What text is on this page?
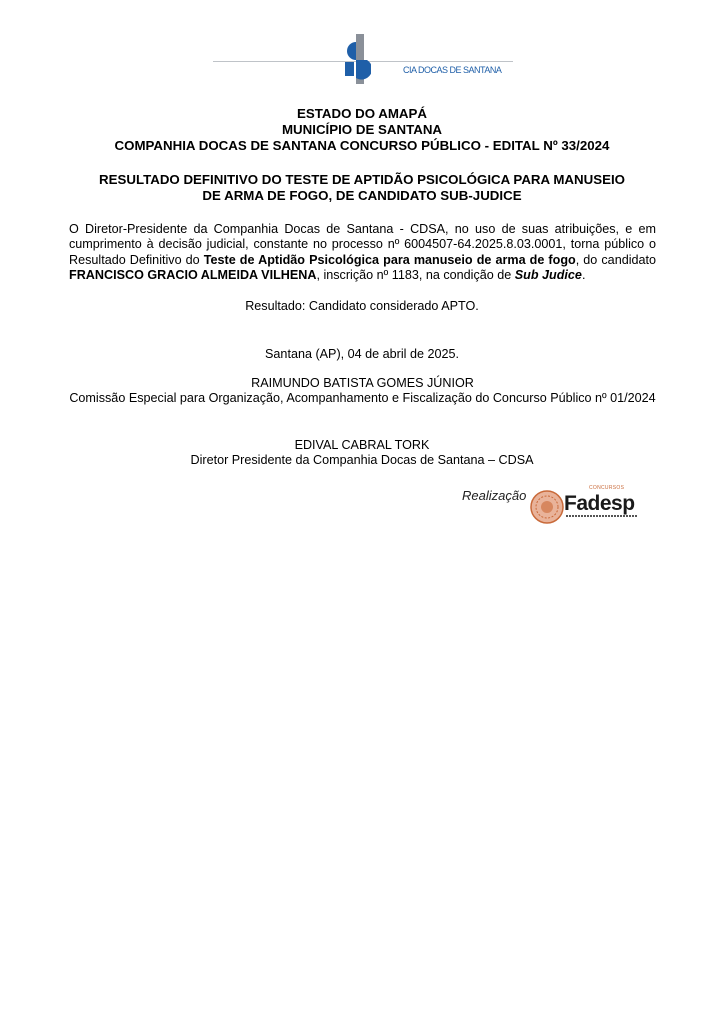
CIA DOCAS DE SANTANA
ESTADO DO AMAPÁ
MUNICÍPIO DE SANTANA
COMPANHIA DOCAS DE SANTANA CONCURSO PÚBLICO - EDITAL Nº 33/2024
RESULTADO DEFINITIVO DO TESTE DE APTIDÃO PSICOLÓGICA PARA MANUSEIO
DE ARMA DE FOGO, DE CANDIDATO SUB-JUDICE
O Diretor-Presidente da Companhia Docas de Santana - CDSA, no uso de suas atribuições, e em cumprimento à decisão judicial, constante no processo nº 6004507-64.2025.8.03.0001, torna público o Resultado Definitivo do Teste de Aptidão Psicológica para manuseio de arma de fogo, do candidato FRANCISCO GRACIO ALMEIDA VILHENA, inscrição nº 1183, na condição de Sub Judice.
Resultado: Candidato considerado APTO.
Santana (AP), 04 de abril de 2025.
RAIMUNDO BATISTA GOMES JÚNIOR
Comissão Especial para Organização, Acompanhamento e Fiscalização do Concurso Público nº 01/2024
EDIVAL CABRAL TORK
Diretor Presidente da Companhia Docas de Santana – CDSA
Realização	CONCURSOS
Fadesp
